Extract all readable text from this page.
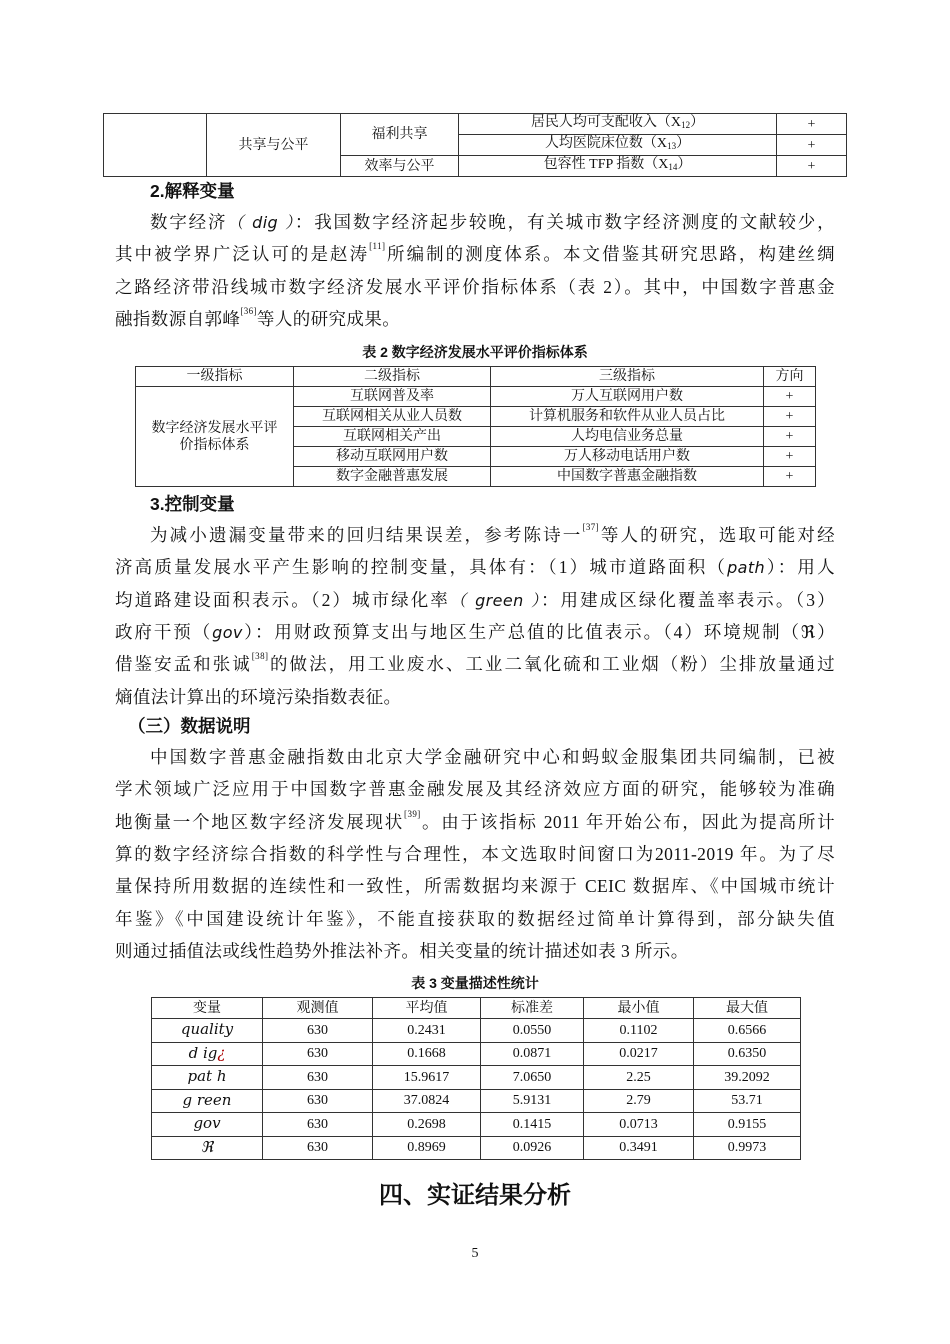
	共享与公平	福利共享	居民人均可支配收入$(X_{12})$	+
			人均医院床位数$(X_{13})$	+
		效率与公平	包容性 TFP 指数$(X_{14})$	+
2.解释变量
数字经济（ dig ）：我国数字经济起步较晚，有关城市数字经济测度的文献较少，
其中被学界广泛认可的是赵涛[11]所编制的测度体系。本文借鉴其研究思路，构建丝绸
之路经济带沿线城市数字经济发展水平评价指标体系（表 2）。其中，中国数字普惠金
融指数源自郭峰[36]等人的研究成果。
表 2 数字经济发展水平评价指标体系
一级指标	二级指标	三级指标	方向
数字经济发展水平评价指标体系	互联网普及率	万人互联网用户数	+
	互联网相关从业人员数	计算机服务和软件从业人员占比	+
	互联网相关产出	人均电信业务总量	+
	移动互联网用户数	万人移动电话用户数	+
	数字金融普惠发展	中国数字普惠金融指数	+
3.控制变量
为减小遗漏变量带来的回归结果误差，参考陈诗一[37]等人的研究，选取可能对经
济高质量发展水平产生影响的控制变量，具体有：（1）城市道路面积（path）：用人
均道路建设面积表示。（2）城市绿化率（ green ）：用建成区绿化覆盖率表示。（3）
政府干预（gov）：用财政预算支出与地区生产总值的比值表示。（4）环境规制（ℜ）
借鉴安孟和张诚[38]的做法，用工业废水、工业二氧化硫和工业烟（粉）尘排放量通过
熵值法计算出的环境污染指数表征。
（三）数据说明
中国数字普惠金融指数由北京大学金融研究中心和蚂蚁金服集团共同编制，已被
学术领域广泛应用于中国数字普惠金融发展及其经济效应方面的研究，能够较为准确
地衡量一个地区数字经济发展现状[39]。由于该指标 2011 年开始公布，因此为提高所计
算的数字经济综合指数的科学性与合理性，本文选取时间窗口为2011-2019 年。为了尽
量保持所用数据的连续性和一致性，所需数据均来源于 CEIC 数据库、《中国城市统计
年鉴》《中国建设统计年鉴》，不能直接获取的数据经过简单计算得到，部分缺失值
则通过插值法或线性趋势外推法补齐。相关变量的统计描述如表 3 所示。
表 3 变量描述性统计
变量	观测值	平均值	标准差	最小值	最大值
quality	630	0.2431	0.0550	0.1102	0.6566
d ig¿	630	0.1668	0.0871	0.0217	0.6350
pat h	630	15.9617	7.0650	2.25	39.2092
g reen	630	37.0824	5.9131	2.79	53.71
gov	630	0.2698	0.1415	0.0713	0.9155
ℜ	630	0.8969	0.0926	0.3491	0.9973
四、实证结果分析
5
